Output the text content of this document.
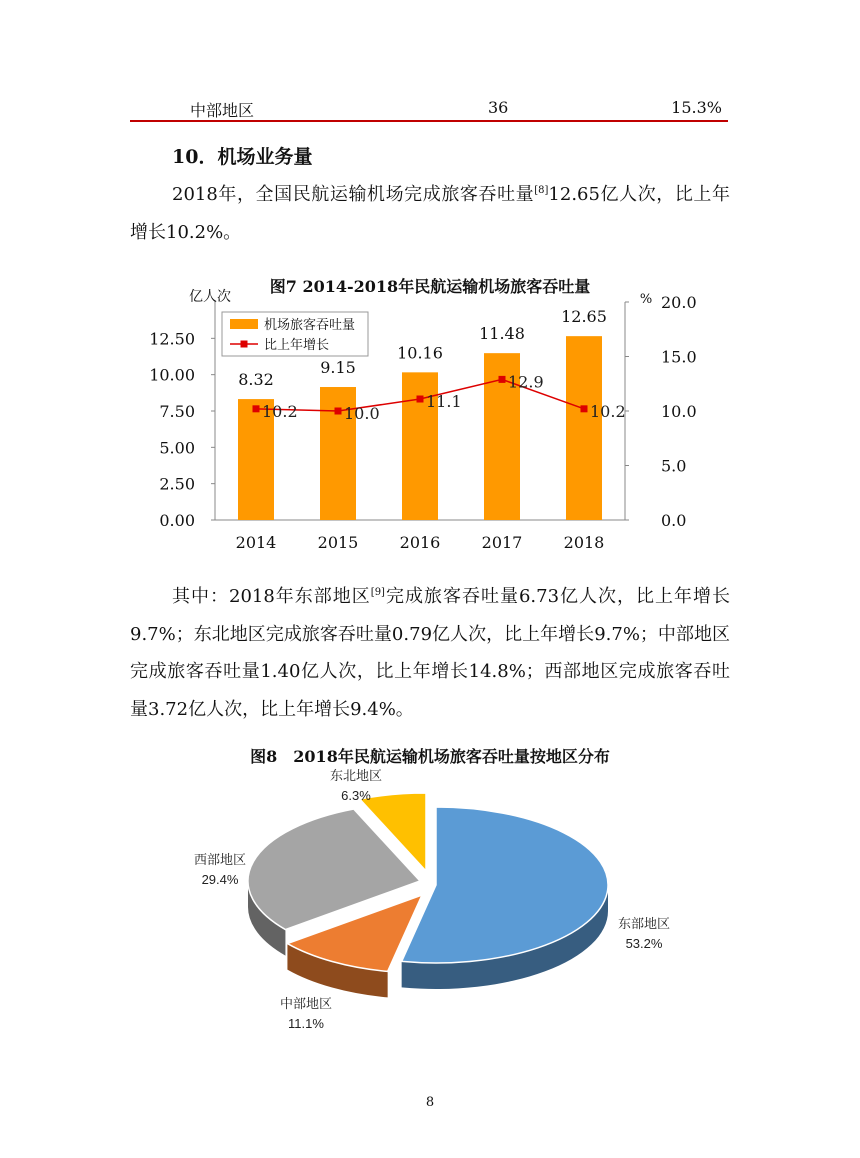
中部地区	36	15.3%
10．机场业务量

2018年，全国民航运输机场完成旅客吞吐量[8]12.65亿人次，比上年增长10.2%。

图7 2014-2018年民航运输机场旅客吞吐量
0.00
2.50
5.00
7.50
10.00
12.50
0.0
5.0
10.0
15.0
20.0
亿人次	%
2014	2015	2016	2017	2018
8.32
9.15
10.16
11.48
12.65
10.2	10.0
11.1
12.9
10.2
机场旅客吞吐量
比上年增长

其中：2018年东部地区[9]完成旅客吞吐量6.73亿人次，比上年增长9.7%；东北地区完成旅客吞吐量0.79亿人次，比上年增长9.7%；中部地区完成旅客吞吐量1.40亿人次，比上年增长14.8%；西部地区完成旅客吞吐量3.72亿人次，比上年增长9.4%。

图8　2018年民航运输机场旅客吞吐量按地区分布
东部地区
53.2%
中部地区
11.1%
西部地区
29.4%
东北地区
6.3%
8
